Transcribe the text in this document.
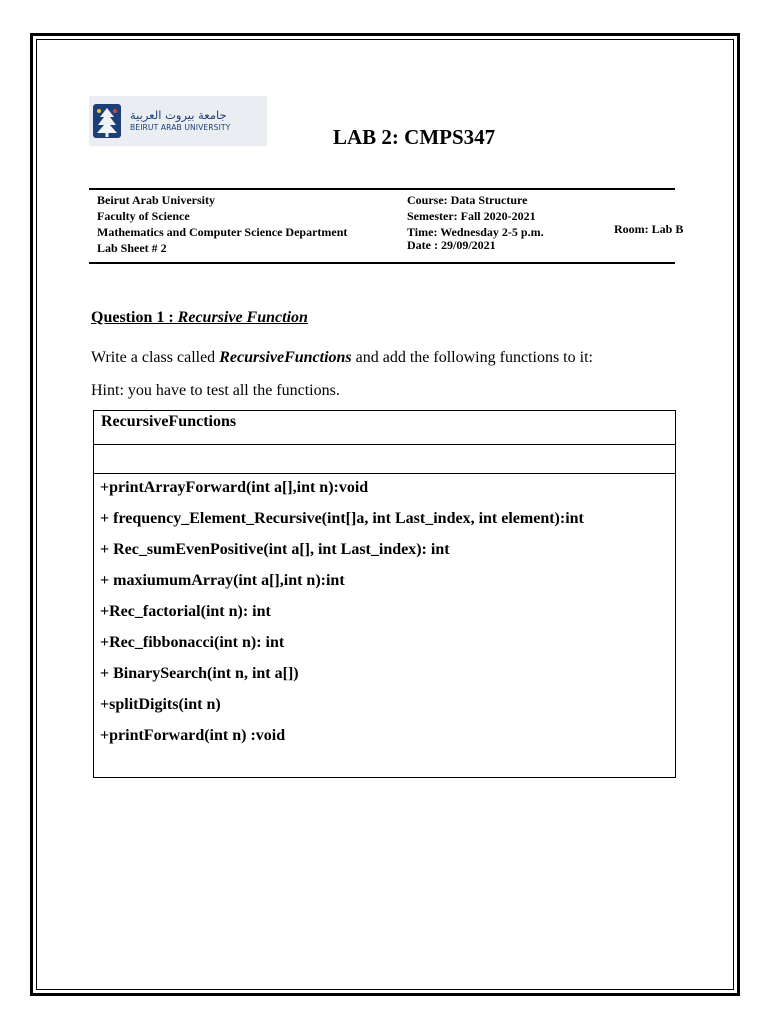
جامعة بيروت العربية
BEIRUT ARAB UNIVERSITY	LAB 2: CMPS347
Beirut Arab University
Faculty of Science
Mathematics and Computer Science Department
Lab Sheet # 2
Course: Data Structure
Semester: Fall 2020-2021
Time: Wednesday 2-5 p.m.
Date : 29/09/2021
Room: Lab B
Question 1 : Recursive Function
Write a class called RecursiveFunctions and add the following functions to it:
Hint: you have to test all the functions.
RecursiveFunctions
+printArrayForward(int a[],int n):void
+ frequency_Element_Recursive(int[]a, int Last_index, int element):int
+ Rec_sumEvenPositive(int a[], int Last_index): int
+ maxiumumArray(int a[],int n):int
+Rec_factorial(int n): int
+Rec_fibbonacci(int n): int
+ BinarySearch(int n, int a[])
+splitDigits(int n)
+printForward(int n) :void
